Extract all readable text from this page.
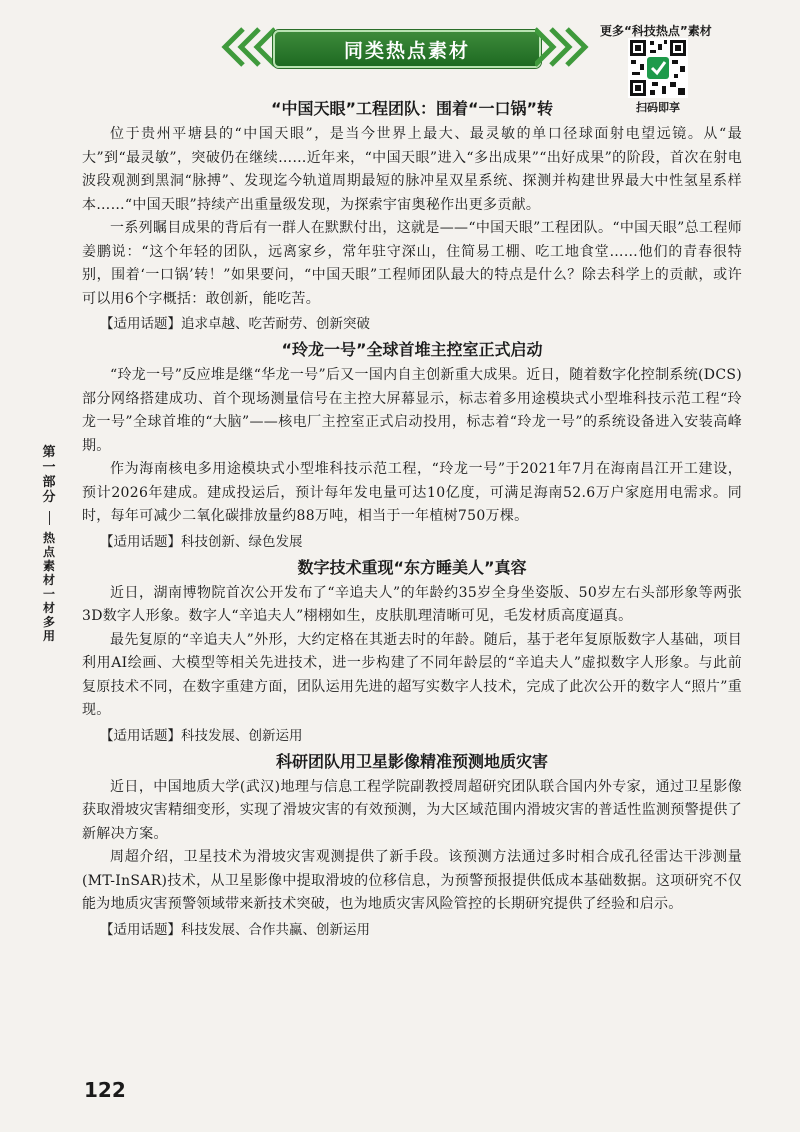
同类热点素材
更多“科技热点”素材
扫码即享
第一部分
热点素材一材多用
“中国天眼”工程团队：围着“一口锅”转

位于贵州平塘县的“中国天眼”，是当今世界上最大、最灵敏的单口径球面射电望远镜。从“最大”到“最灵敏”，突破仍在继续……近年来，“中国天眼”进入“多出成果”“出好成果”的阶段，首次在射电波段观测到黑洞“脉搏”、发现迄今轨道周期最短的脉冲星双星系统、探测并构建世界最大中性氢星系样本……“中国天眼”持续产出重量级发现，为探索宇宙奥秘作出更多贡献。

一系列瞩目成果的背后有一群人在默默付出，这就是——“中国天眼”工程团队。“中国天眼”总工程师姜鹏说：“这个年轻的团队，远离家乡，常年驻守深山，住简易工棚、吃工地食堂……他们的青春很特别，围着‘一口锅’转！”如果要问，“中国天眼”工程师团队最大的特点是什么？除去科学上的贡献，或许可以用6个字概括：敢创新，能吃苦。

【适用话题】追求卓越、吃苦耐劳、创新突破
“玲龙一号”全球首堆主控室正式启动

“玲龙一号”反应堆是继“华龙一号”后又一国内自主创新重大成果。近日，随着数字化控制系统(DCS)部分网络搭建成功、首个现场测量信号在主控大屏幕显示，标志着多用途模块式小型堆科技示范工程“玲龙一号”全球首堆的“大脑”——核电厂主控室正式启动投用，标志着“玲龙一号”的系统设备进入安装高峰期。

作为海南核电多用途模块式小型堆科技示范工程，“玲龙一号”于2021年7月在海南昌江开工建设，预计2026年建成。建成投运后，预计每年发电量可达10亿度，可满足海南52.6万户家庭用电需求。同时，每年可减少二氧化碳排放量约88万吨，相当于一年植树750万棵。

【适用话题】科技创新、绿色发展
数字技术重现“东方睡美人”真容

近日，湖南博物院首次公开发布了“辛追夫人”的年龄约35岁全身坐姿版、50岁左右头部形象等两张3D数字人形象。数字人“辛追夫人”栩栩如生，皮肤肌理清晰可见，毛发材质高度逼真。

最先复原的“辛追夫人”外形，大约定格在其逝去时的年龄。随后，基于老年复原版数字人基础，项目利用AI绘画、大模型等相关先进技术，进一步构建了不同年龄层的“辛追夫人”虚拟数字人形象。与此前复原技术不同，在数字重建方面，团队运用先进的超写实数字人技术，完成了此次公开的数字人“照片”重现。

【适用话题】科技发展、创新运用
科研团队用卫星影像精准预测地质灾害

近日，中国地质大学(武汉)地理与信息工程学院副教授周超研究团队联合国内外专家，通过卫星影像获取滑坡灾害精细变形，实现了滑坡灾害的有效预测，为大区域范围内滑坡灾害的普适性监测预警提供了新解决方案。

周超介绍，卫星技术为滑坡灾害观测提供了新手段。该预测方法通过多时相合成孔径雷达干涉测量(MT-InSAR)技术，从卫星影像中提取滑坡的位移信息，为预警预报提供低成本基础数据。这项研究不仅能为地质灾害预警领域带来新技术突破，也为地质灾害风险管控的长期研究提供了经验和启示。

【适用话题】科技发展、合作共赢、创新运用
122
